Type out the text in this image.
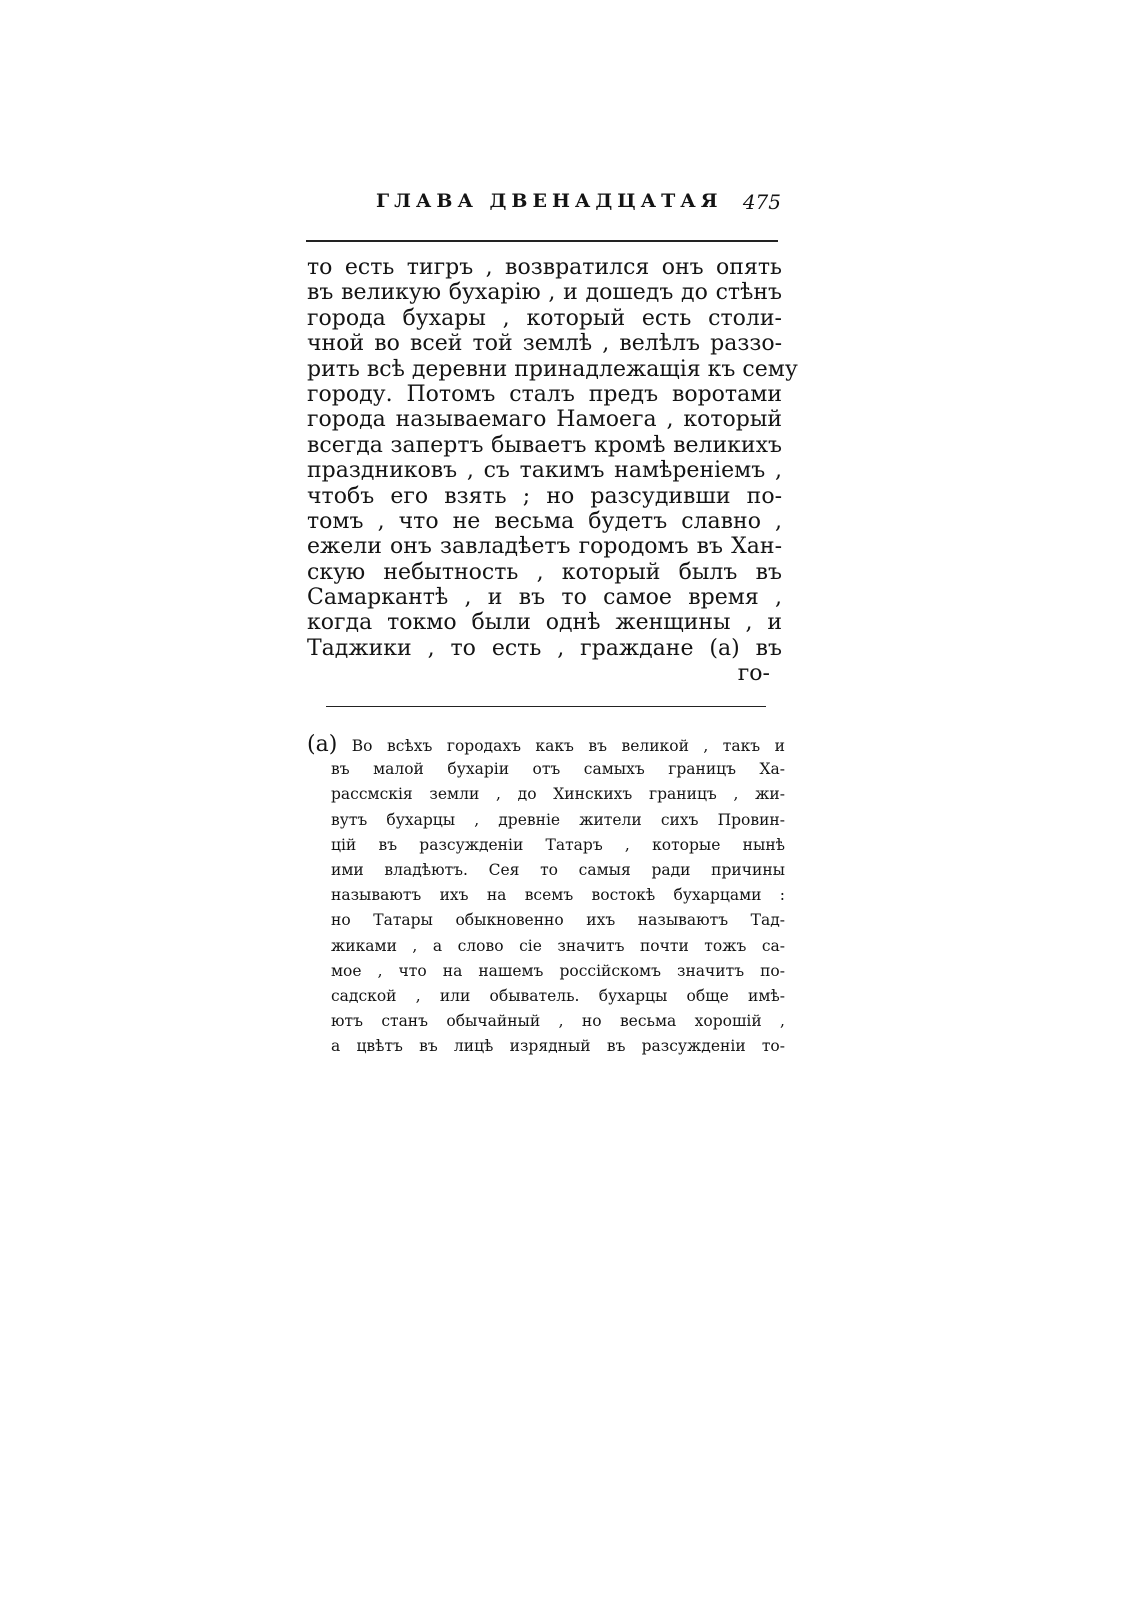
ГЛАВА ДВЕНАДЦАТАЯ 475
то есть тигръ , возвратился онъ опять
въ великую бухарію , и дошедъ до стѣнъ
города бухары , который есть столи-
чной во всей той землѣ , велѣлъ раззо-
рить всѣ деревни принадлежащія къ сему
городу. Потомъ сталъ предъ воротами
города называемаго Намоега , который
всегда запертъ бываетъ кромѣ великихъ
праздниковъ , съ такимъ намѣреніемъ ,
чтобъ его взять ; но разсудивши по-
томъ , что не весьма будетъ славно ,
ежели онъ завладѣетъ городомъ въ Хан-
скую небытность , который былъ въ
Самаркантѣ , и въ то самое время ,
когда токмо были однѣ женщины , и
Таджики , то есть , граждане (a) въ
го-
(a) Во всѣхъ городахъ какъ въ великой , такъ и
въ малой бухаріи отъ самыхъ границъ Ха-
рассмскія земли , до Хинскихъ границъ , жи-
вутъ бухарцы , древніе жители сихъ Провин-
цій въ разсужденіи Татаръ , которые нынѣ
ими владѣютъ. Сея то самыя ради причины
называютъ ихъ на всемъ востокѣ бухарцами :
но Татары обыкновенно ихъ называютъ Тад-
жиками , а слово сіе значитъ почти тожъ са-
мое , что на нашемъ россійскомъ значитъ по-
садской , или обыватель. бухарцы обще имѣ-
ютъ станъ обычайный , но весьма хорошій ,
а цвѣтъ въ лицѣ изрядный въ разсужденіи то-
